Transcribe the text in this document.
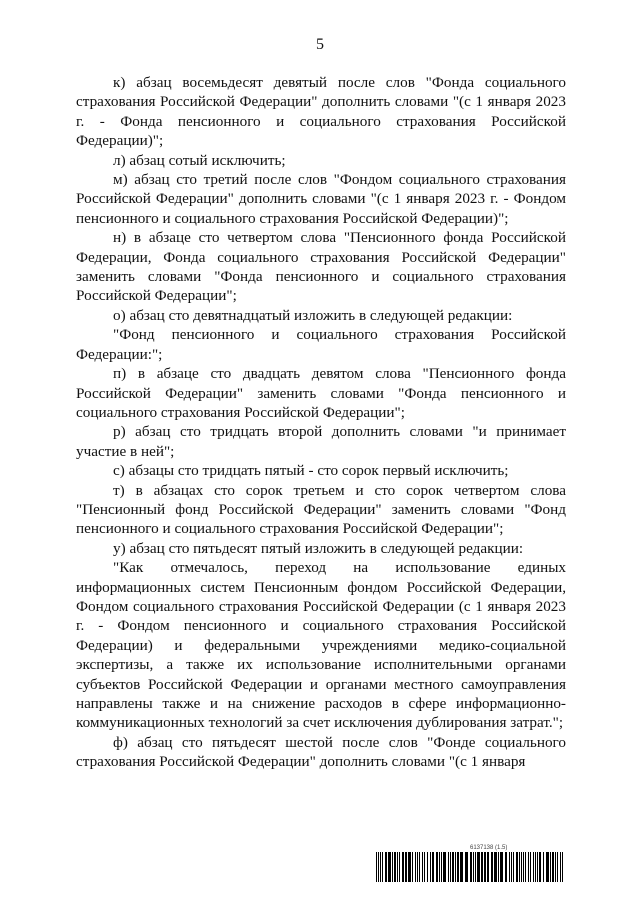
5

к) абзац восемьдесят девятый после слов "Фонда социального страхования Российской Федерации" дополнить словами "(с 1 января 2023 г. - Фонда пенсионного и социального страхования Российской Федерации)";

л) абзац сотый исключить;

м) абзац сто третий после слов "Фондом социального страхования Российской Федерации" дополнить словами "(с 1 января 2023 г. - Фондом пенсионного и социального страхования Российской Федерации)";

н) в абзаце сто четвертом слова "Пенсионного фонда Российской Федерации, Фонда социального страхования Российской Федерации" заменить словами "Фонда пенсионного и социального страхования Российской Федерации";

о) абзац сто девятнадцатый изложить в следующей редакции:

"Фонд пенсионного и социального страхования Российской Федерации:";

п) в абзаце сто двадцать девятом слова "Пенсионного фонда Российской Федерации" заменить словами "Фонда пенсионного и социального страхования Российской Федерации";

р) абзац сто тридцать второй дополнить словами "и принимает участие в ней";

с) абзацы сто тридцать пятый - сто сорок первый исключить;

т) в абзацах сто сорок третьем и сто сорок четвертом слова "Пенсионный фонд Российской Федерации" заменить словами "Фонд пенсионного и социального страхования Российской Федерации";

у) абзац сто пятьдесят пятый изложить в следующей редакции:

"Как отмечалось, переход на использование единых информационных систем Пенсионным фондом Российской Федерации, Фондом социального страхования Российской Федерации (с 1 января 2023 г. - Фондом пенсионного и социального страхования Российской Федерации) и федеральными учреждениями медико-социальной экспертизы, а также их использование исполнительными органами субъектов Российской Федерации и органами местного самоуправления направлены также и на снижение расходов в сфере информационно-коммуникационных технологий за счет исключения дублирования затрат.";

ф) абзац сто пятьдесят шестой после слов "Фонде социального страхования Российской Федерации" дополнить словами "(с 1 января

6137138 (1.5)
